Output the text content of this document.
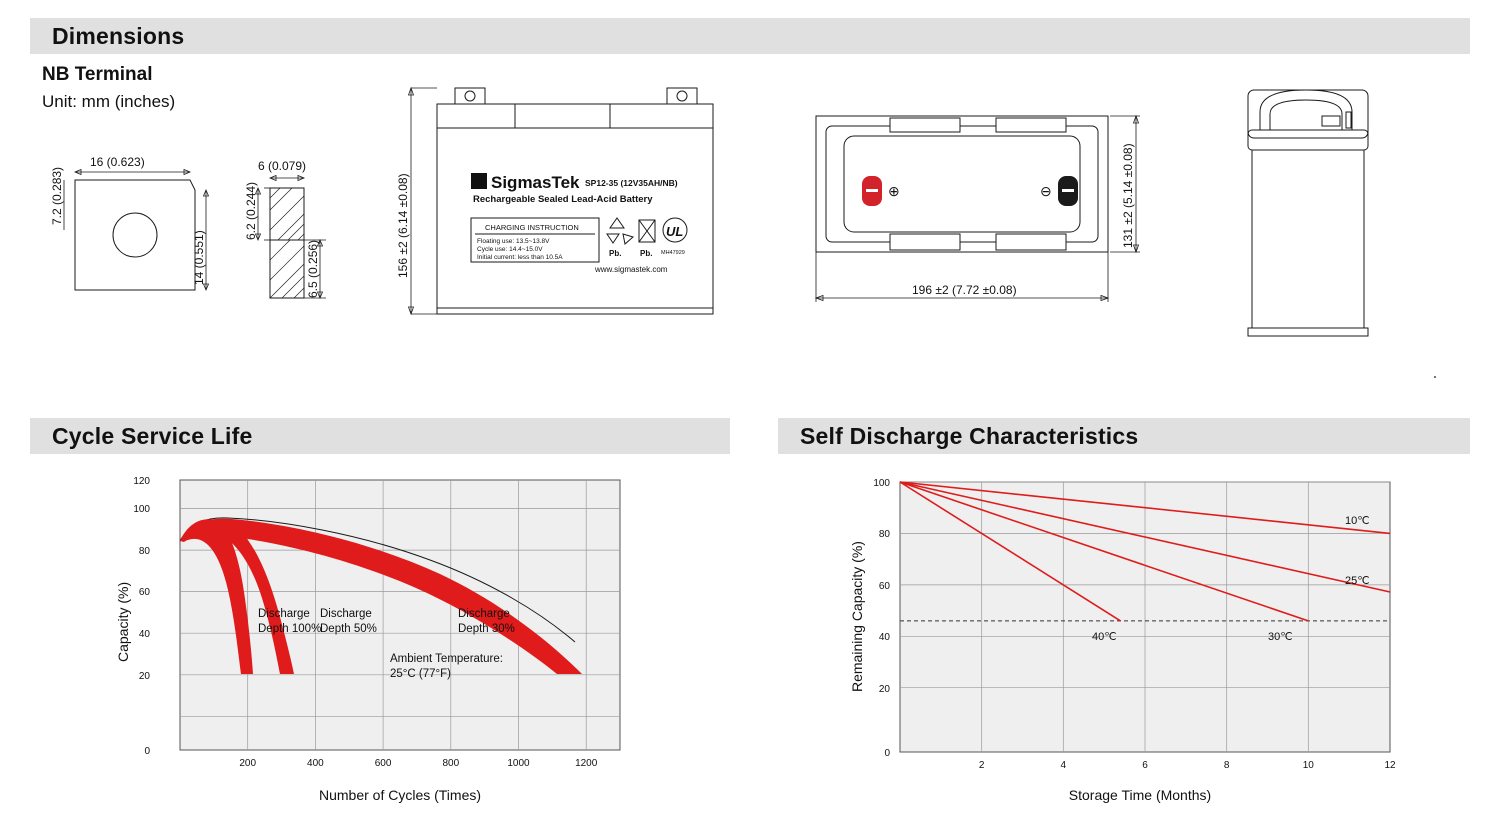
Dimensions
NB Terminal
Unit: mm (inches)
16 (0.623)
7.2 (0.283)
14 (0.551)
6 (0.079)
6.2 (0.244)
6.5 (0.256)	156 ±2 (6.14 ±0.08)	Σ SigmasTek SP12-35 (12V35AH/NB)
Rechargeable Sealed Lead-Acid Battery
CHARGING INSTRUCTION
Floating use: 13.5~13.8V
Cycle use: 14.4~15.0V
Initial current: less than 10.5A	Pb. Pb.
UL
MH47929
www.sigmastek.com
⊕	⊖	131 ±2 (5.14 ±0.08)
196 ±2 (7.72 ±0.08)
Cycle Service Life
120
100
80
60
40
20
0
200	400	600	800	1000	1200
Discharge
Depth 100%
Discharge
Depth 50%
Discharge
Depth 30%
Ambient Temperature:
25°C (77°F)
Capacity (%)
Number of Cycles (Times)
Self Discharge Characteristics
10℃
25℃
40℃	30℃
100
80
60
40
20
0
2	4	6	8	10	12
Remaining Capacity (%)
Storage Time (Months)
